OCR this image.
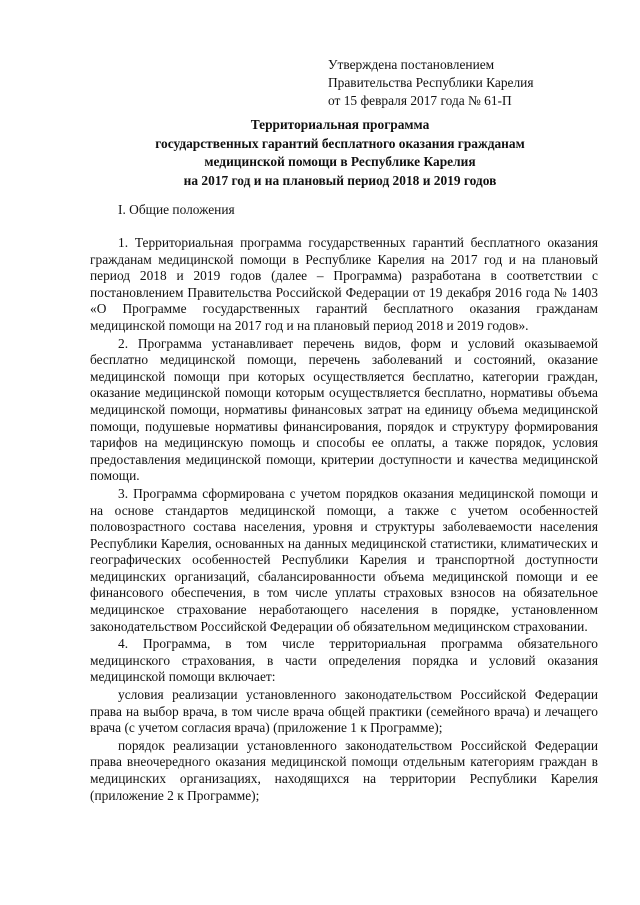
Утверждена постановлением
Правительства Республики Карелия
от 15 февраля 2017 года № 61-П
Территориальная программа
государственных гарантий бесплатного оказания гражданам
медицинской помощи в Республике Карелия
на 2017 год и на плановый период 2018 и 2019 годов
I. Общие положения

1. Территориальная программа государственных гарантий бесплатного оказания гражданам медицинской помощи в Республике Карелия на 2017 год и на плановый период 2018 и 2019 годов (далее – Программа) разработана в соответствии с постановлением Правительства Российской Федерации от 19 декабря 2016 года № 1403 «О Программе государственных гарантий бесплатного оказания гражданам медицинской помощи на 2017 год и на плановый период 2018 и 2019 годов».

2. Программа устанавливает перечень видов, форм и условий оказываемой бесплатно медицинской помощи, перечень заболеваний и состояний, оказание медицинской помощи при которых осуществляется бесплатно, категории граждан, оказание медицинской помощи которым осуществляется бесплатно, нормативы объема медицинской помощи, нормативы финансовых затрат на единицу объема медицинской помощи, подушевые нормативы финансирования, порядок и структуру формирования тарифов на медицинскую помощь и способы ее оплаты, а также порядок, условия предоставления медицинской помощи, критерии доступности и качества медицинской помощи.

3. Программа сформирована с учетом порядков оказания медицинской помощи и на основе стандартов медицинской помощи, а также с учетом особенностей половозрастного состава населения, уровня и структуры заболеваемости населения Республики Карелия, основанных на данных медицинской статистики, климатических и географических особенностей Республики Карелия и транспортной доступности медицинских организаций, сбалансированности объема медицинской помощи и ее финансового обеспечения, в том числе уплаты страховых взносов на обязательное медицинское страхование неработающего населения в порядке, установленном законодательством Российской Федерации об обязательном медицинском страховании.

4. Программа, в том числе территориальная программа обязательного медицинского страхования, в части определения порядка и условий оказания медицинской помощи включает:

условия реализации установленного законодательством Российской Федерации права на выбор врача, в том числе врача общей практики (семейного врача) и лечащего врача (с учетом согласия врача) (приложение 1 к Программе);

порядок реализации установленного законодательством Российской Федерации права внеочередного оказания медицинской помощи отдельным категориям граждан в медицинских организациях, находящихся на территории Республики Карелия (приложение 2 к Программе);
